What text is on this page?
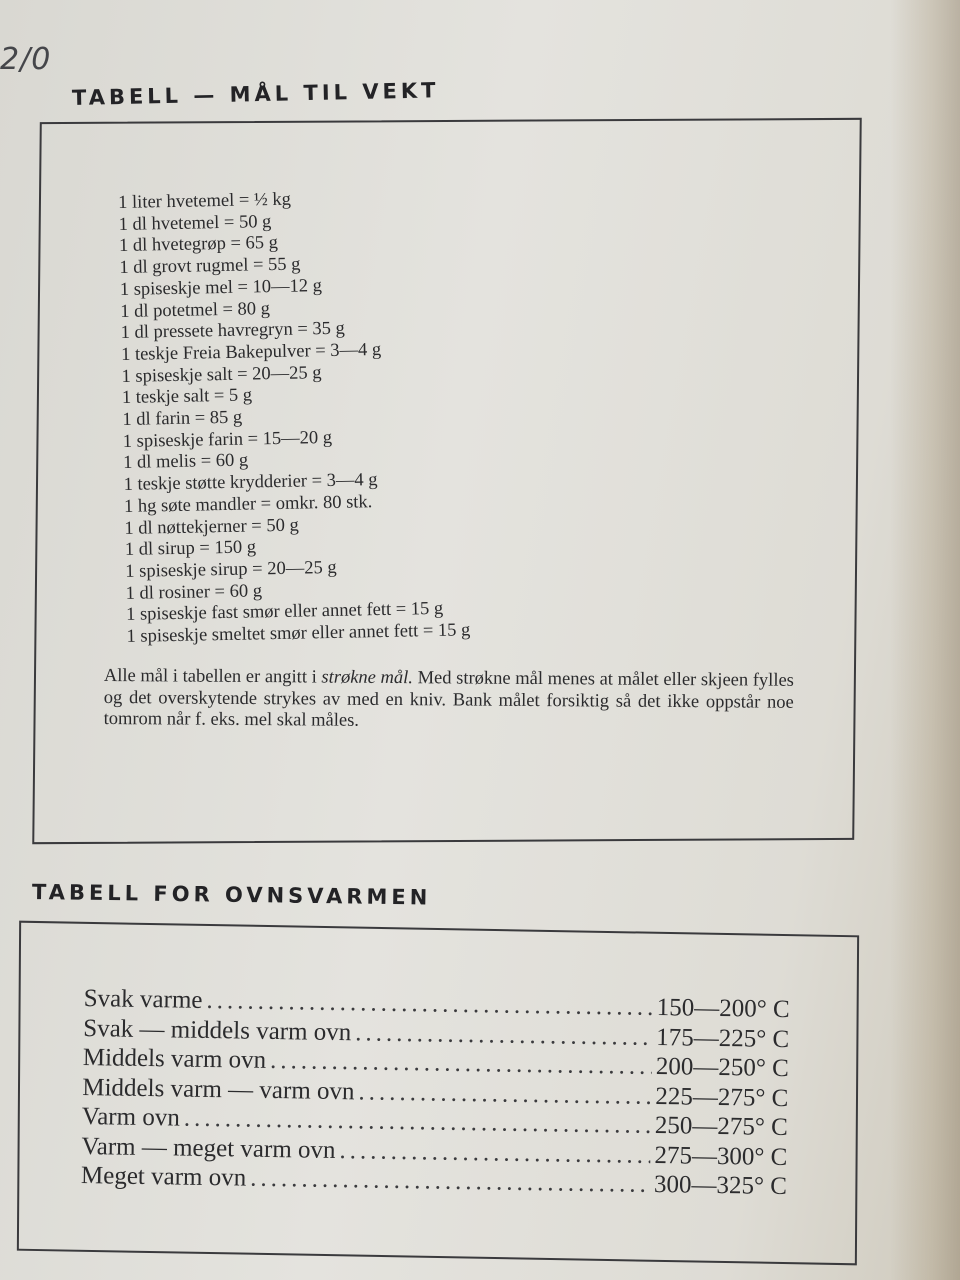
2/0
TABELL — MÅL TIL VEKT
1 liter hvetemel = ½ kg
1 dl hvetemel = 50 g
1 dl hvetegrøp = 65 g
1 dl grovt rugmel = 55 g
1 spiseskje mel = 10—12 g
1 dl potetmel = 80 g
1 dl pressete havregryn = 35 g
1 teskje Freia Bakepulver = 3—4 g
1 spiseskje salt = 20—25 g
1 teskje salt = 5 g
1 dl farin = 85 g
1 spiseskje farin = 15—20 g
1 dl melis = 60 g
1 teskje støtte krydderier = 3—4 g
1 hg søte mandler = omkr. 80 stk.
1 dl nøttekjerner = 50 g
1 dl sirup = 150 g
1 spiseskje sirup = 20—25 g
1 dl rosiner = 60 g
1 spiseskje fast smør eller annet fett = 15 g
1 spiseskje smeltet smør eller annet fett = 15 g

Alle mål i tabellen er angitt i strøkne mål. Med strøkne mål menes at målet eller skjeen fylles og det overskytende strykes av med en kniv. Bank målet forsiktig så det ikke oppstår noe tomrom når f. eks. mel skal måles.

TABELL FOR OVNSVARMEN
Svak varme .....	150—200° C
Svak — middels varm ovn .....	175—225° C
Middels varm ovn .....	200—250° C
Middels varm — varm ovn .....	225—275° C
Varm ovn .....	250—275° C
Varm — meget varm ovn .....	275—300° C
Meget varm ovn .....	300—325° C
